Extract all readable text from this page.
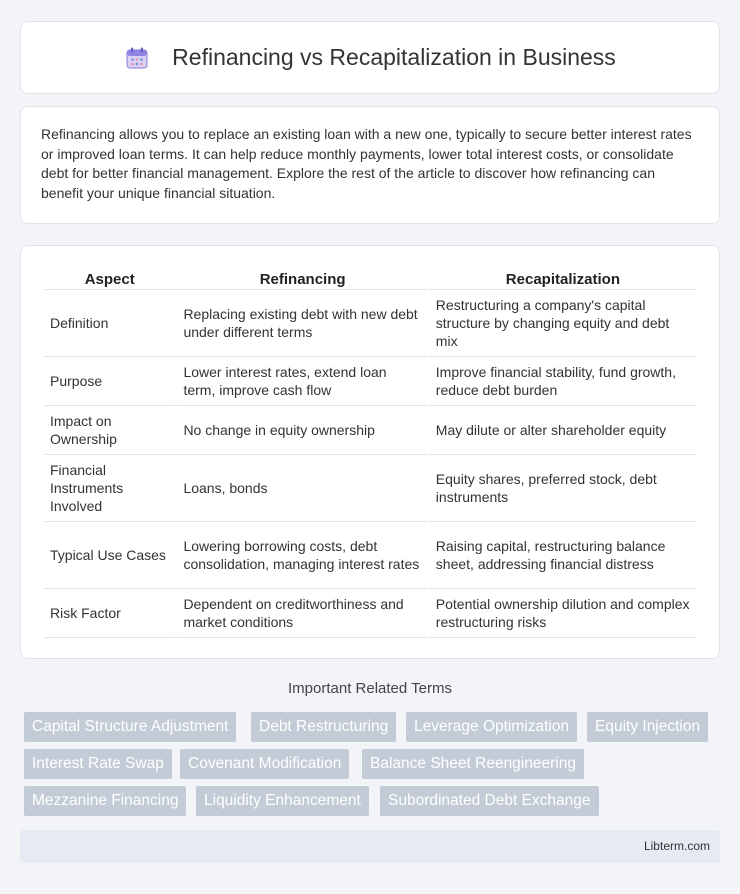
Refinancing vs Recapitalization in Business

Refinancing allows you to replace an existing loan with a new one, typically to secure better interest rates or improved loan terms. It can help reduce monthly payments, lower total interest costs, or consolidate debt for better financial management. Explore the rest of the article to discover how refinancing can benefit your unique financial situation.

Aspect	Refinancing	Recapitalization
Definition	Replacing existing debt with new debt under different terms	Restructuring a company's capital structure by changing equity and debt mix
Purpose	Lower interest rates, extend loan term, improve cash flow	Improve financial stability, fund growth, reduce debt burden
Impact on Ownership	No change in equity ownership	May dilute or alter shareholder equity
Financial Instruments Involved	Loans, bonds	Equity shares, preferred stock, debt instruments
Typical Use Cases	Lowering borrowing costs, debt consolidation, managing interest rates	Raising capital, restructuring balance sheet, addressing financial distress
Risk Factor	Dependent on creditworthiness and market conditions	Potential ownership dilution and complex restructuring risks
Important Related Terms
Capital Structure Adjustment	Debt Restructuring	Leverage Optimization	Equity Injection
Interest Rate Swap	Covenant Modification	Balance Sheet Reengineering
Mezzanine Financing	Liquidity Enhancement	Subordinated Debt Exchange
Libterm.com
